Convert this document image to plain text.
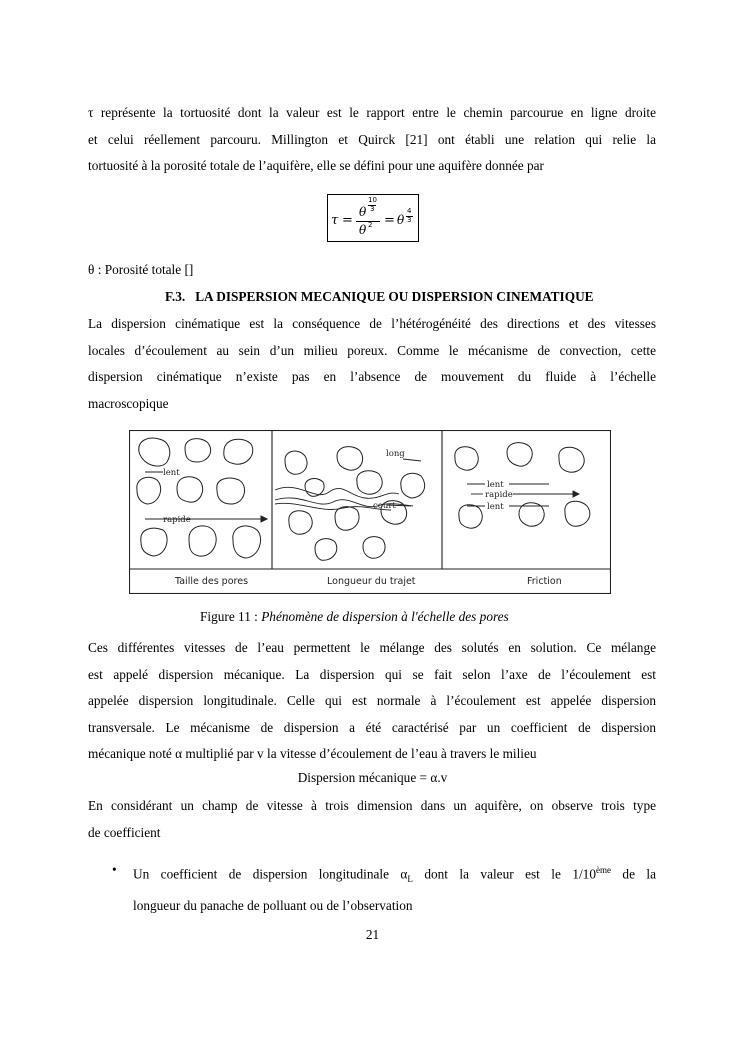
τ représente la tortuosité dont la valeur est le rapport entre le chemin parcourue en ligne droite
et celui réellement parcouru. Millington et Quirck [21] ont établi une relation qui relie la
tortuosité à la porosité totale de l’aquifère, elle se défini pour une aquifère donnée par
τ =
θ
10
3
θ 2 = θ
4
3
θ : Porosité totale []
F.3. LA DISPERSION MECANIQUE OU DISPERSION CINEMATIQUE
La dispersion cinématique est la conséquence de l’hétérogénéité des directions et des vitesses
locales d’écoulement au sein d’un milieu poreux. Comme le mécanisme de convection, cette
dispersion cinématique n’existe pas en l’absence de mouvement du fluide à l’échelle
macroscopique
lent
rapide
long
court
lent
rapide
lent
Taille des pores	Longueur du trajet	Friction
Figure 11 : Phénomène de dispersion à l'échelle des pores
Ces différentes vitesses de l’eau permettent le mélange des solutés en solution. Ce mélange
est appelé dispersion mécanique. La dispersion qui se fait selon l’axe de l’écoulement est
appelée dispersion longitudinale. Celle qui est normale à l’écoulement est appelée dispersion
transversale. Le mécanisme de dispersion a été caractérisé par un coefficient de dispersion
mécanique noté α multiplié par v la vitesse d’écoulement de l’eau à travers le milieu
Dispersion mécanique = α.v
En considérant un champ de vitesse à trois dimension dans un aquifère, on observe trois type
de coefficient
• Un coefficient de dispersion longitudinale $\alpha_L$ dont la valeur est le 1/10ème de la
longueur du panache de polluant ou de l’observation
21
